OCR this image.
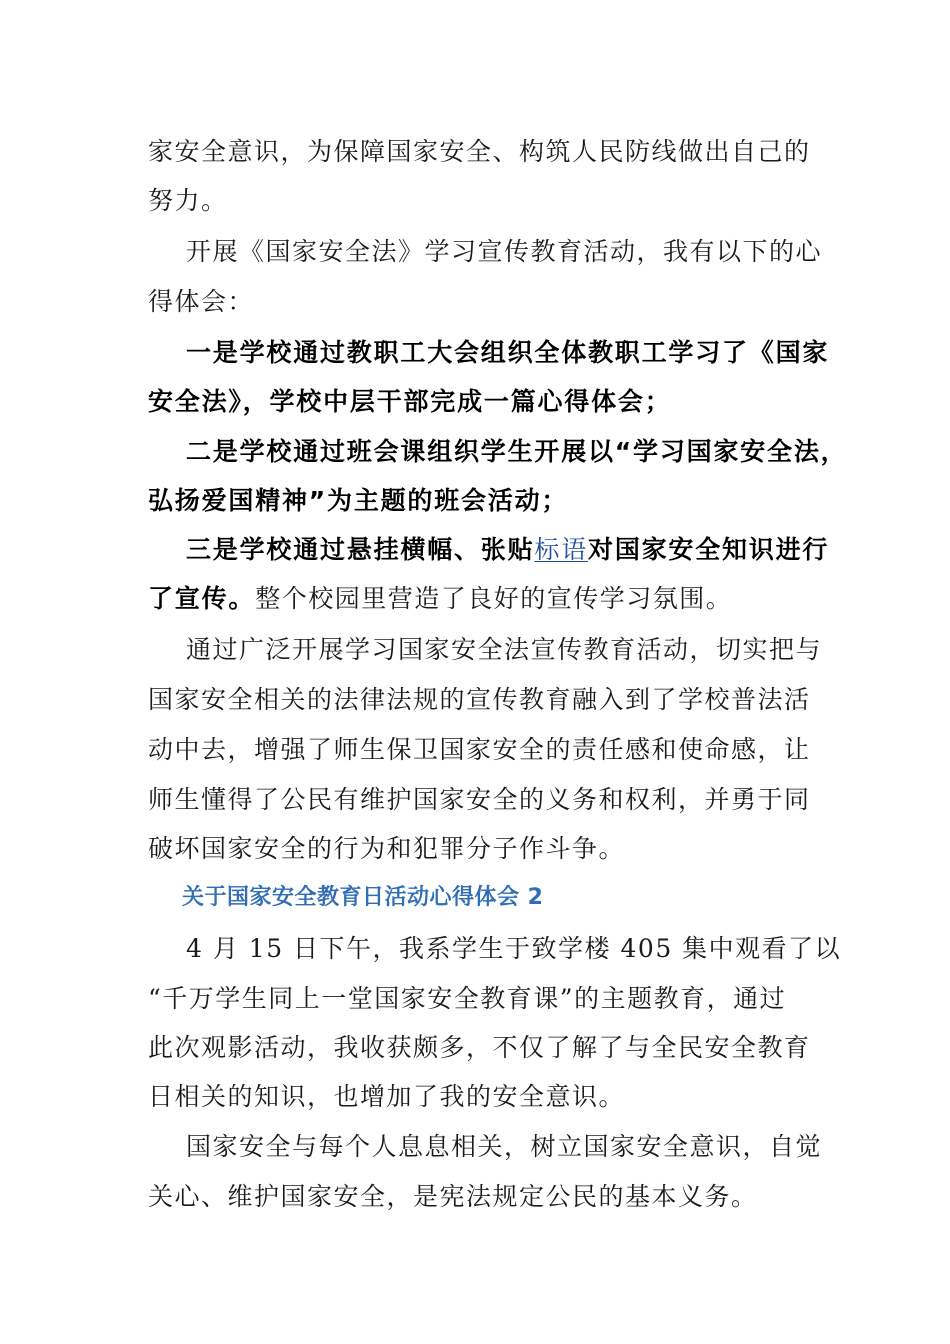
家安全意识，为保障国家安全、构筑人民防线做出自己的
努力。
开展《国家安全法》学习宣传教育活动，我有以下的心
得体会：
一是学校通过教职工大会组织全体教职工学习了《国家
安全法》，学校中层干部完成一篇心得体会；
二是学校通过班会课组织学生开展以“学习国家安全法，
弘扬爱国精神”为主题的班会活动；
三是学校通过悬挂横幅、张贴标语对国家安全知识进行
了宣传。整个校园里营造了良好的宣传学习氛围。
通过广泛开展学习国家安全法宣传教育活动，切实把与
国家安全相关的法律法规的宣传教育融入到了学校普法活
动中去，增强了师生保卫国家安全的责任感和使命感，让
师生懂得了公民有维护国家安全的义务和权利，并勇于同
破坏国家安全的行为和犯罪分子作斗争。
关于国家安全教育日活动心得体会 2
4 月 15 日下午，我系学生于致学楼 405 集中观看了以
“千万学生同上一堂国家安全教育课”的主题教育，通过
此次观影活动，我收获颇多，不仅了解了与全民安全教育
日相关的知识，也增加了我的安全意识。
国家安全与每个人息息相关，树立国家安全意识，自觉
关心、维护国家安全，是宪法规定公民的基本义务。
